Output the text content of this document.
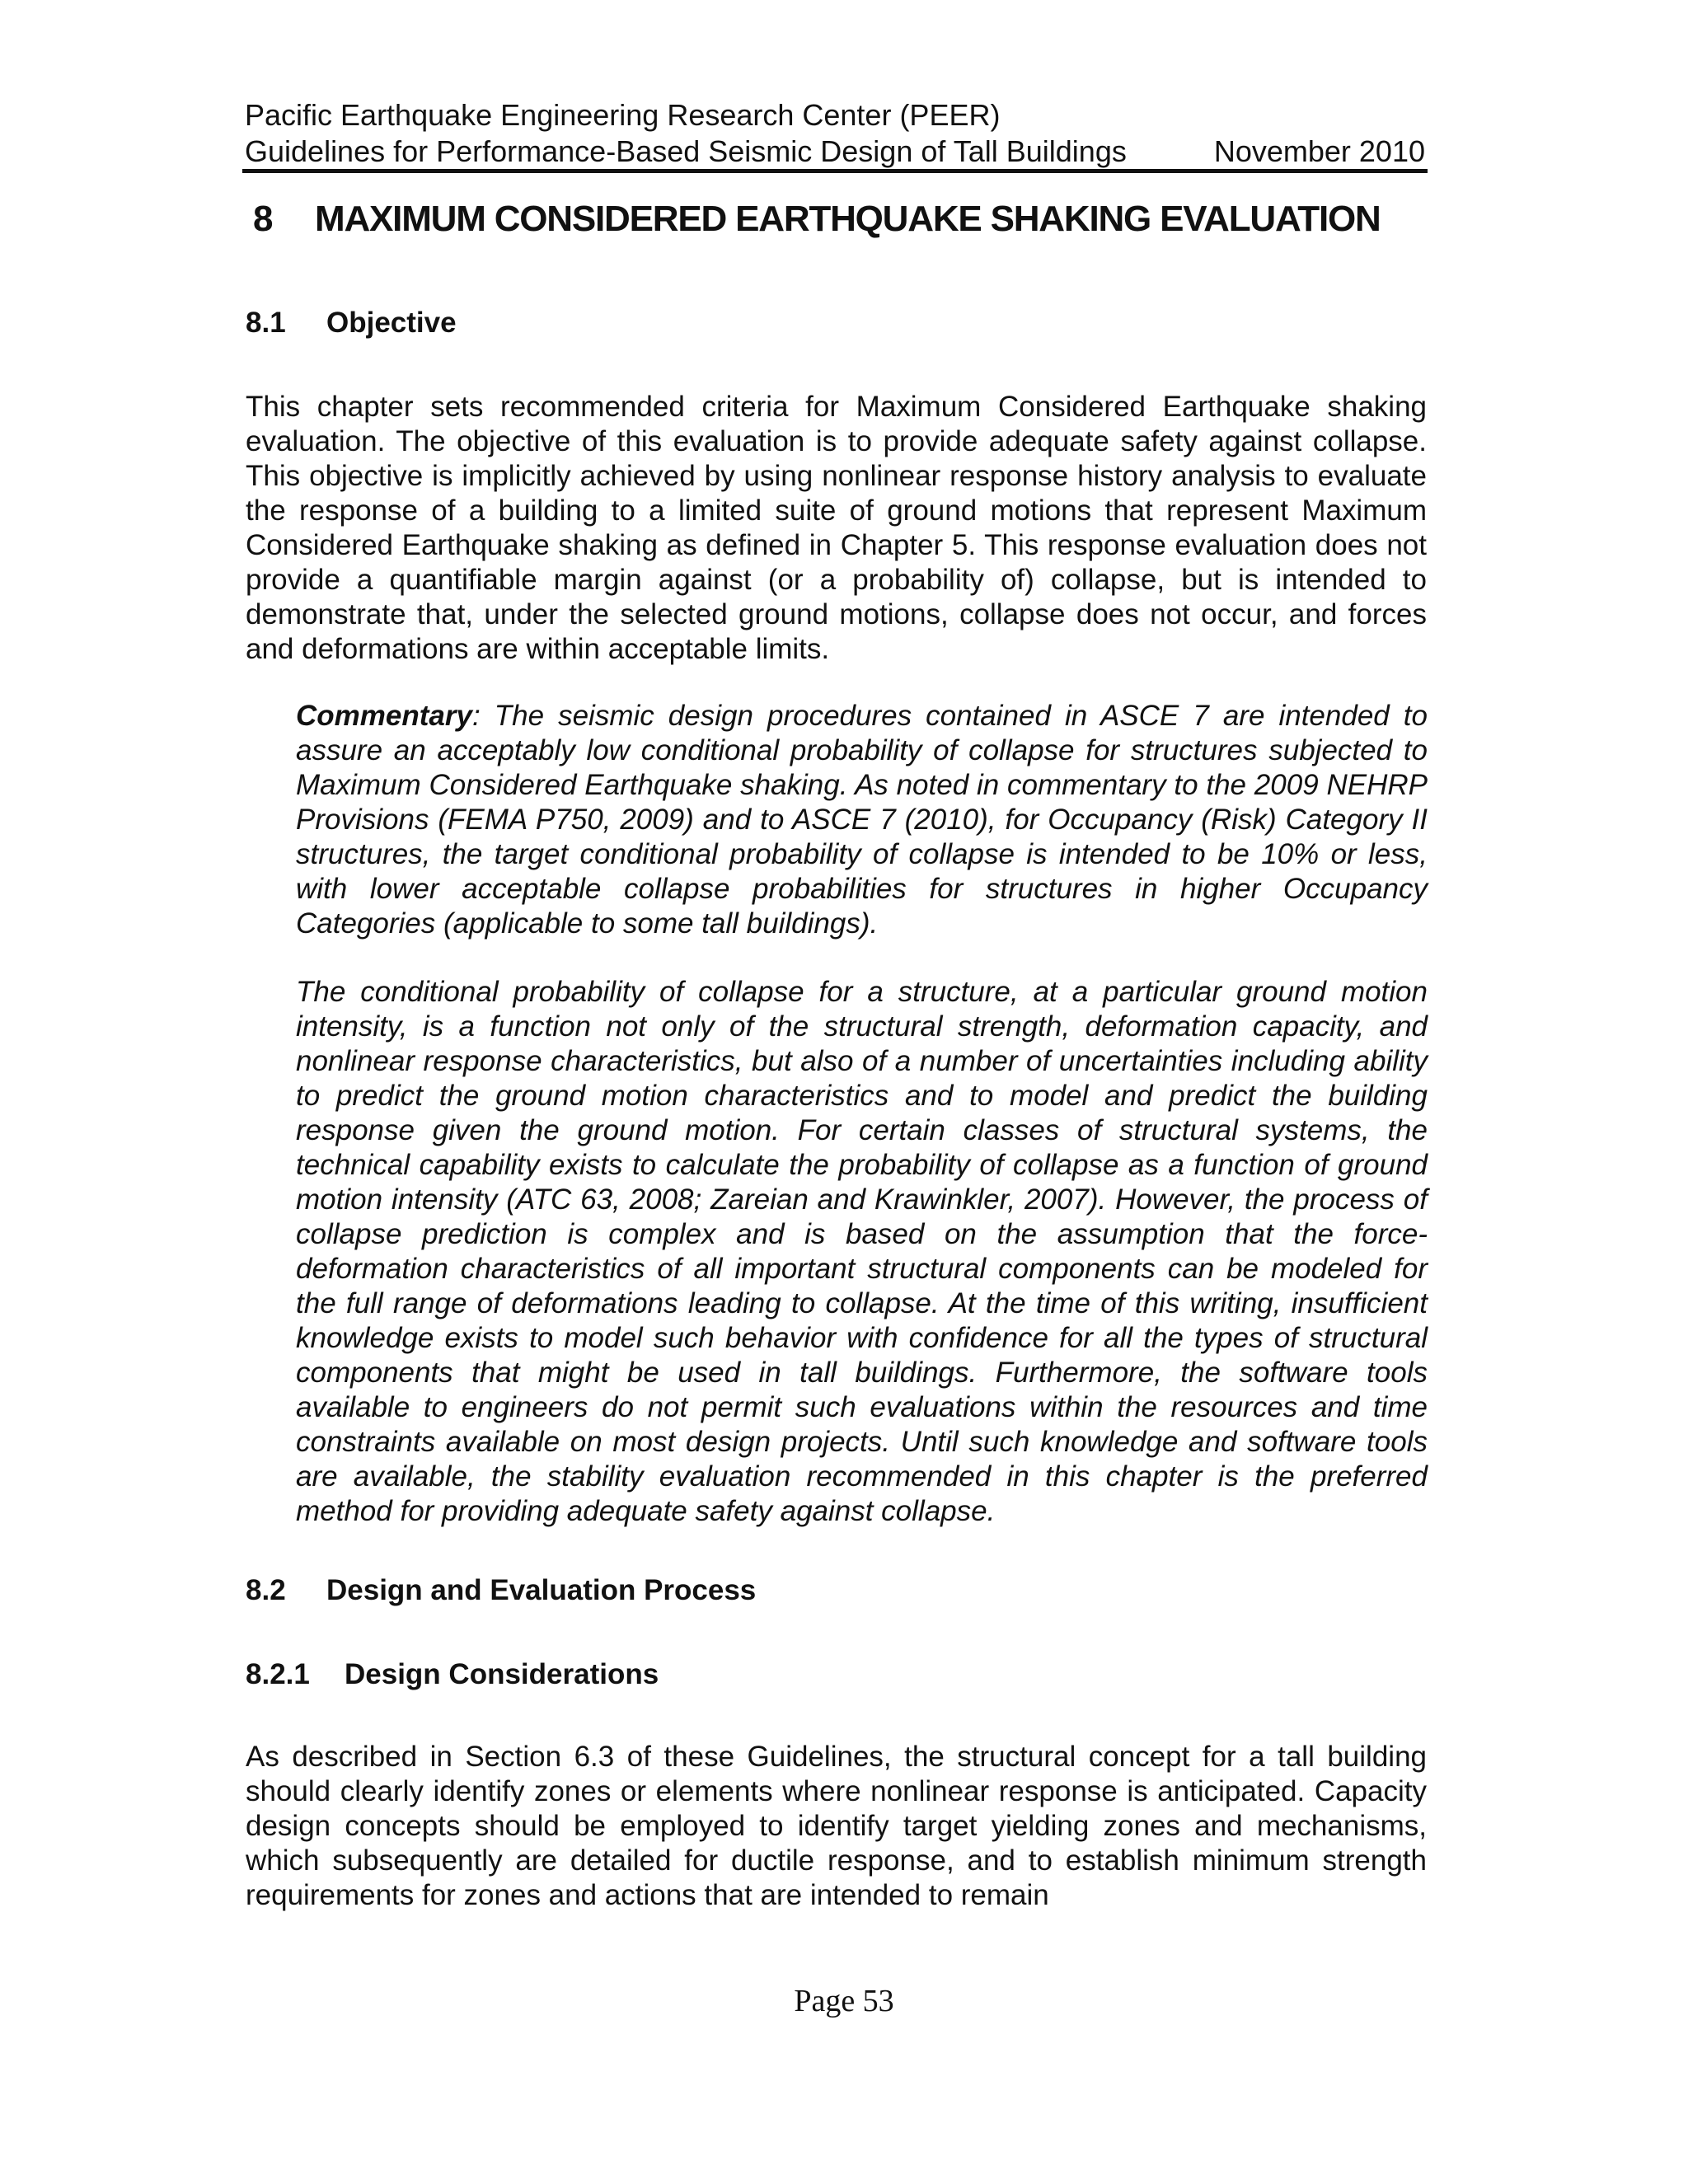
Pacific Earthquake Engineering Research Center (PEER)
Guidelines for Performance-Based Seismic Design of Tall Buildings	November 2010
8 MAXIMUM CONSIDERED EARTHQUAKE SHAKING EVALUATION
8.1 Objective
This chapter sets recommended criteria for Maximum Considered Earthquake shaking evaluation. The objective of this evaluation is to provide adequate safety against collapse. This objective is implicitly achieved by using nonlinear response history analysis to evaluate the response of a building to a limited suite of ground motions that represent Maximum Considered Earthquake shaking as defined in Chapter 5. This response evaluation does not provide a quantifiable margin against (or a probability of) collapse, but is intended to demonstrate that, under the selected ground motions, collapse does not occur, and forces and deformations are within acceptable limits.
Commentary: The seismic design procedures contained in ASCE 7 are intended to assure an acceptably low conditional probability of collapse for structures subjected to Maximum Considered Earthquake shaking. As noted in commentary to the 2009 NEHRP Provisions (FEMA P750, 2009) and to ASCE 7 (2010), for Occupancy (Risk) Category II structures, the target conditional probability of collapse is intended to be 10% or less, with lower acceptable collapse probabilities for structures in higher Occupancy Categories (applicable to some tall buildings).
The conditional probability of collapse for a structure, at a particular ground motion intensity, is a function not only of the structural strength, deformation capacity, and nonlinear response characteristics, but also of a number of uncertainties including ability to predict the ground motion characteristics and to model and predict the building response given the ground motion. For certain classes of structural systems, the technical capability exists to calculate the probability of collapse as a function of ground motion intensity (ATC 63, 2008; Zareian and Krawinkler, 2007). However, the process of collapse prediction is complex and is based on the assumption that the force-deformation characteristics of all important structural components can be modeled for the full range of deformations leading to collapse. At the time of this writing, insufficient knowledge exists to model such behavior with confidence for all the types of structural components that might be used in tall buildings. Furthermore, the software tools available to engineers do not permit such evaluations within the resources and time constraints available on most design projects. Until such knowledge and software tools are available, the stability evaluation recommended in this chapter is the preferred method for providing adequate safety against collapse.
8.2 Design and Evaluation Process
8.2.1 Design Considerations
As described in Section 6.3 of these Guidelines, the structural concept for a tall building should clearly identify zones or elements where nonlinear response is anticipated. Capacity design concepts should be employed to identify target yielding zones and mechanisms, which subsequently are detailed for ductile response, and to establish minimum strength requirements for zones and actions that are intended to remain
Page 53
